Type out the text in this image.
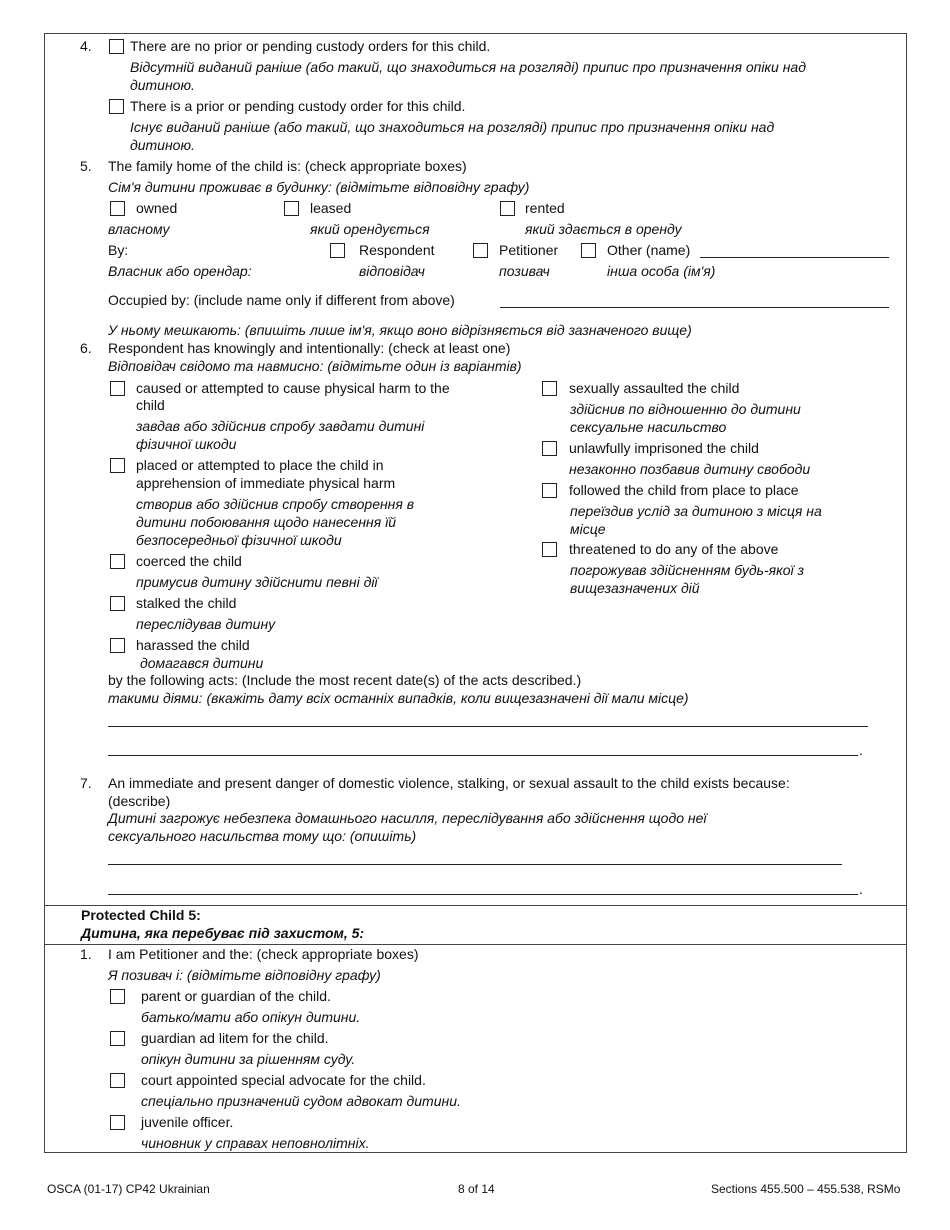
4.	There are no prior or pending custody orders for this child.
Відсутній виданий раніше (або такий, що знаходиться на розгляді) припис про призначення опіки над
дитиною.
There is a prior or pending custody order for this child.
Існує виданий раніше (або такий, що знаходиться на розгляді) припис про призначення опіки над
дитиною.
5. The family home of the child is: (check appropriate boxes)
Сім'я дитини проживає в будинку: (відмітьте відповідну графу)
owned
власному
leased
який орендується
rented
який здається в оренду
By:
Власник або орендар:
Respondent
відповідач
Petitioner
позивач
Other (name)
інша особа (ім'я)
Occupied by: (include name only if different from above)
У ньому мешкають: (впишіть лише ім'я, якщо воно відрізняється від зазначеного вище)
6. Respondent has knowingly and intentionally: (check at least one)
Відповідач свідомо та навмисно: (відмітьте один із варіантів)
caused or attempted to cause physical harm to the
child
завдав або здійснив спробу завдати дитині
фізичної шкоди
placed or attempted to place the child in
apprehension of immediate physical harm
створив або здійснив спробу створення в
дитини побоювання щодо нанесення їй
безпосередньої фізичної шкоди
coerced the child
примусив дитину здійснити певні дії
stalked the child
переслідував дитину
harassed the child
домагався дитини
sexually assaulted the child
здійснив по відношенню до дитини
сексуальне насильство
unlawfully imprisoned the child
незаконно позбавив дитину свободи
followed the child from place to place
переїздив услід за дитиною з місця на
місце
threatened to do any of the above
погрожував здійсненням будь-якої з
вищезазначених дій
by the following acts: (Include the most recent date(s) of the acts described.)
такими діями: (вкажіть дату всіх останніх випадків, коли вищезазначені дії мали місце)
.
7. An immediate and present danger of domestic violence, stalking, or sexual assault to the child exists because:
(describe)
Дитині загрожує небезпека домашнього насилля, переслідування або здійснення щодо неї
сексуального насильства тому що: (опишіть)
.
Protected Child 5:
Дитина, яка перебуває під захистом, 5:
1. I am Petitioner and the: (check appropriate boxes)
Я позивач і: (відмітьте відповідну графу)
parent or guardian of the child.
батько/мати або опікун дитини.
guardian ad litem for the child.
опікун дитини за рішенням суду.
court appointed special advocate for the child.
спеціально призначений судом адвокат дитини.
juvenile officer.
чиновник у справах неповнолітніх.
OSCA (01-17) CP42 Ukrainian	8 of 14	Sections 455.500 – 455.538, RSMo
